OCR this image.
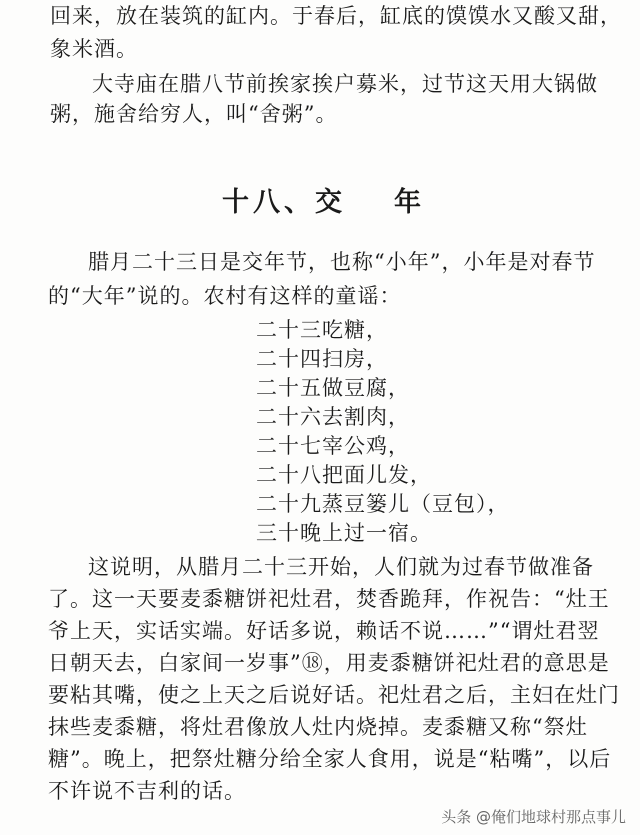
回来，放在装筑的缸内。于春后，缸底的馍馍水又酸又甜，
象米酒。
大寺庙在腊八节前挨家挨户募米，过节这天用大锅做
粥，施舍给穷人，叫“舍粥”。
十八、交 年
腊月二十三日是交年节，也称“小年”，小年是对春节
的“大年”说的。农村有这样的童谣：
二十三吃糖，
二十四扫房，
二十五做豆腐，
二十六去割肉，
二十七宰公鸡，
二十八把面儿发，
二十九蒸豆篓儿（豆包），
三十晚上过一宿。
这说明，从腊月二十三开始，人们就为过春节做准备
了。这一天要麦黍糖饼祀灶君，焚香跪拜，作祝告：“灶王
爷上天，实话实端。好话多说，赖话不说……”“谓灶君翌
日朝天去，白家间一岁事”⑱，用麦黍糖饼祀灶君的意思是
要粘其嘴，使之上天之后说好话。祀灶君之后，主妇在灶门
抹些麦黍糖，将灶君像放人灶内烧掉。麦黍糖又称“祭灶
糖”。晚上，把祭灶糖分给全家人食用，说是“粘嘴”，以后
不许说不吉利的话。
头条 @俺们地球村那点事儿
